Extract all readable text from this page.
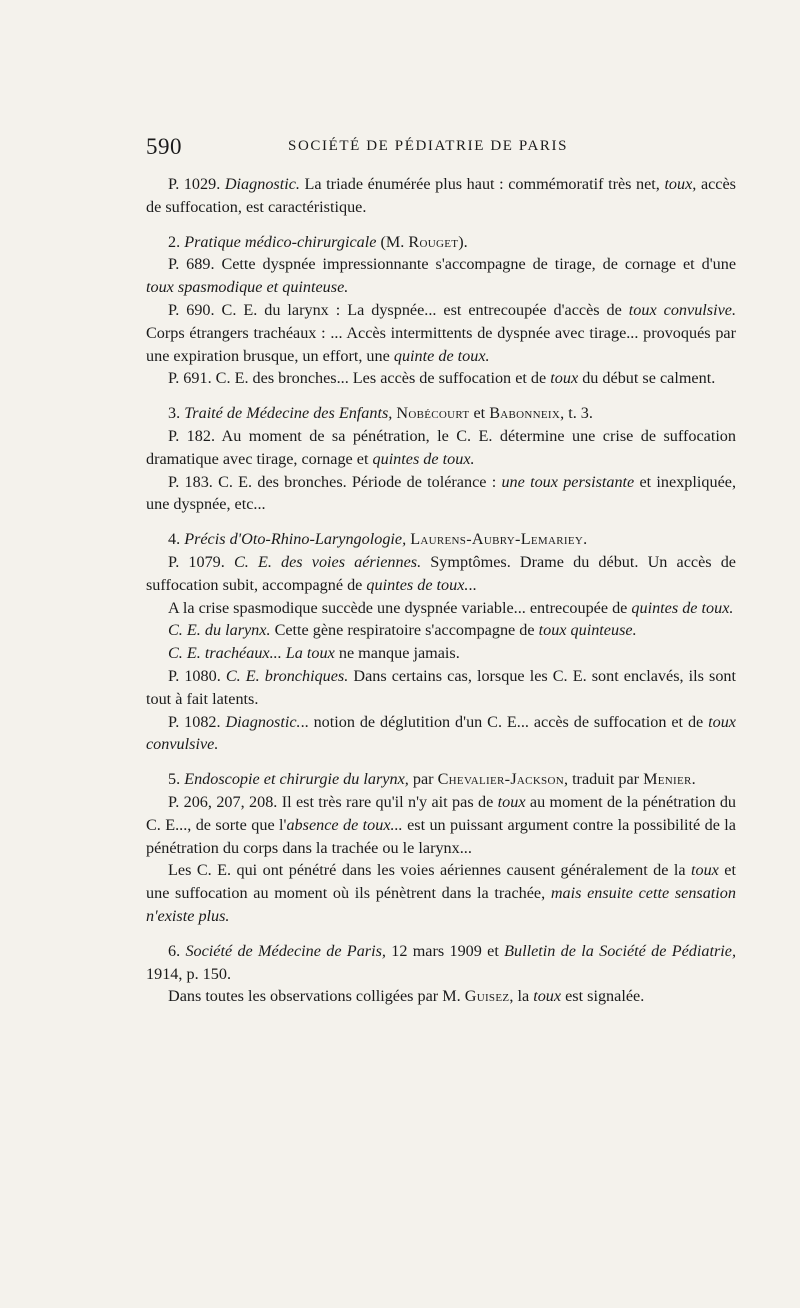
590	SOCIÉTÉ DE PÉDIATRIE DE PARIS

P. 1029. Diagnostic. La triade énumérée plus haut : commémoratif très net, toux, accès de suffocation, est caractéristique.

2. Pratique médico-chirurgicale (M. Rouget).

P. 689. Cette dyspnée impressionnante s'accompagne de tirage, de cornage et d'une toux spasmodique et quinteuse.

P. 690. C. E. du larynx : La dyspnée... est entrecoupée d'accès de toux convulsive. Corps étrangers trachéaux : ... Accès intermittents de dyspnée avec tirage... provoqués par une expiration brusque, un effort, une quinte de toux.

P. 691. C. E. des bronches... Les accès de suffocation et de toux du début se calment.

3. Traité de Médecine des Enfants, Nobécourt et Babonneix, t. 3.

P. 182. Au moment de sa pénétration, le C. E. détermine une crise de suffocation dramatique avec tirage, cornage et quintes de toux.

P. 183. C. E. des bronches. Période de tolérance : une toux persistante et inexpliquée, une dyspnée, etc...

4. Précis d'Oto-Rhino-Laryngologie, Laurens-Aubry-Lemariey.

P. 1079. C. E. des voies aériennes. Symptômes. Drame du début. Un accès de suffocation subit, accompagné de quintes de toux...

A la crise spasmodique succède une dyspnée variable... entrecoupée de quintes de toux.

C. E. du larynx. Cette gène respiratoire s'accompagne de toux quinteuse.

C. E. trachéaux... La toux ne manque jamais.

P. 1080. C. E. bronchiques. Dans certains cas, lorsque les C. E. sont enclavés, ils sont tout à fait latents.

P. 1082. Diagnostic... notion de déglutition d'un C. E... accès de suffocation et de toux convulsive.

5. Endoscopie et chirurgie du larynx, par Chevalier-Jackson, traduit par Menier.

P. 206, 207, 208. Il est très rare qu'il n'y ait pas de toux au moment de la pénétration du C. E..., de sorte que l'absence de toux... est un puissant argument contre la possibilité de la pénétration du corps dans la trachée ou le larynx...

Les C. E. qui ont pénétré dans les voies aériennes causent généralement de la toux et une suffocation au moment où ils pénètrent dans la trachée, mais ensuite cette sensation n'existe plus.

6. Société de Médecine de Paris, 12 mars 1909 et Bulletin de la Société de Pédiatrie, 1914, p. 150.

Dans toutes les observations colligées par M. Guisez, la toux est signalée.
